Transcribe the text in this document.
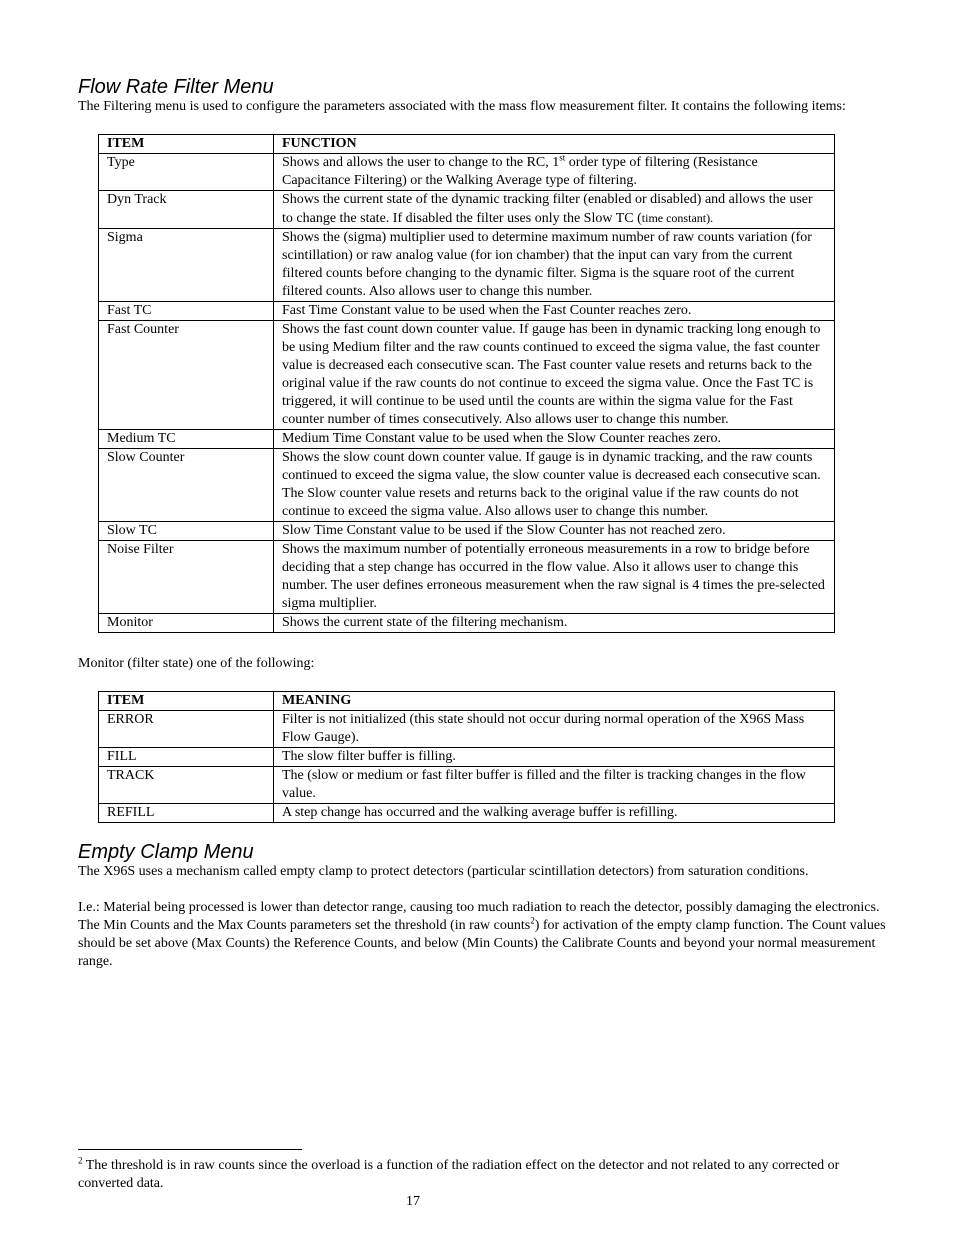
Flow Rate Filter Menu

The Filtering menu is used to configure the parameters associated with the mass flow measurement filter. It contains the following items:

ITEM	FUNCTION
Type	Shows and allows the user to change to the RC, 1st order type of filtering (Resistance Capacitance Filtering) or the Walking Average type of filtering.
Dyn Track	Shows the current state of the dynamic tracking filter (enabled or disabled) and allows the user to change the state. If disabled the filter uses only the Slow TC (time constant).
Sigma	Shows the (sigma) multiplier used to determine maximum number of raw counts variation (for scintillation) or raw analog value (for ion chamber) that the input can vary from the current filtered counts before changing to the dynamic filter. Sigma is the square root of the current filtered counts. Also allows user to change this number.
Fast TC	Fast Time Constant value to be used when the Fast Counter reaches zero.
Fast Counter	Shows the fast count down counter value. If gauge has been in dynamic tracking long enough to be using Medium filter and the raw counts continued to exceed the sigma value, the fast counter value is decreased each consecutive scan. The Fast counter value resets and returns back to the original value if the raw counts do not continue to exceed the sigma value. Once the Fast TC is triggered, it will continue to be used until the counts are within the sigma value for the Fast counter number of times consecutively. Also allows user to change this number.
Medium TC	Medium Time Constant value to be used when the Slow Counter reaches zero.
Slow Counter	Shows the slow count down counter value. If gauge is in dynamic tracking, and the raw counts continued to exceed the sigma value, the slow counter value is decreased each consecutive scan. The Slow counter value resets and returns back to the original value if the raw counts do not continue to exceed the sigma value. Also allows user to change this number.
Slow TC	Slow Time Constant value to be used if the Slow Counter has not reached zero.
Noise Filter	Shows the maximum number of potentially erroneous measurements in a row to bridge before deciding that a step change has occurred in the flow value. Also it allows user to change this number. The user defines erroneous measurement when the raw signal is 4 times the pre-selected sigma multiplier.
Monitor	Shows the current state of the filtering mechanism.

Monitor (filter state) one of the following:

ITEM	MEANING
ERROR	Filter is not initialized (this state should not occur during normal operation of the X96S Mass Flow Gauge).
FILL	The slow filter buffer is filling.
TRACK	The (slow or medium or fast filter buffer is filled and the filter is tracking changes in the flow value.
REFILL	A step change has occurred and the walking average buffer is refilling.
Empty Clamp Menu

The X96S uses a mechanism called empty clamp to protect detectors (particular scintillation detectors) from saturation conditions.

I.e.: Material being processed is lower than detector range, causing too much radiation to reach the detector, possibly damaging the electronics. The Min Counts and the Max Counts parameters set the threshold (in raw counts$^2$) for activation of the empty clamp function. The Count values should be set above (Max Counts) the Reference Counts, and below (Min Counts) the Calibrate Counts and beyond your normal measurement range.

$^2$ The threshold is in raw counts since the overload is a function of the radiation effect on the detector and not related to any corrected or converted data.

17
